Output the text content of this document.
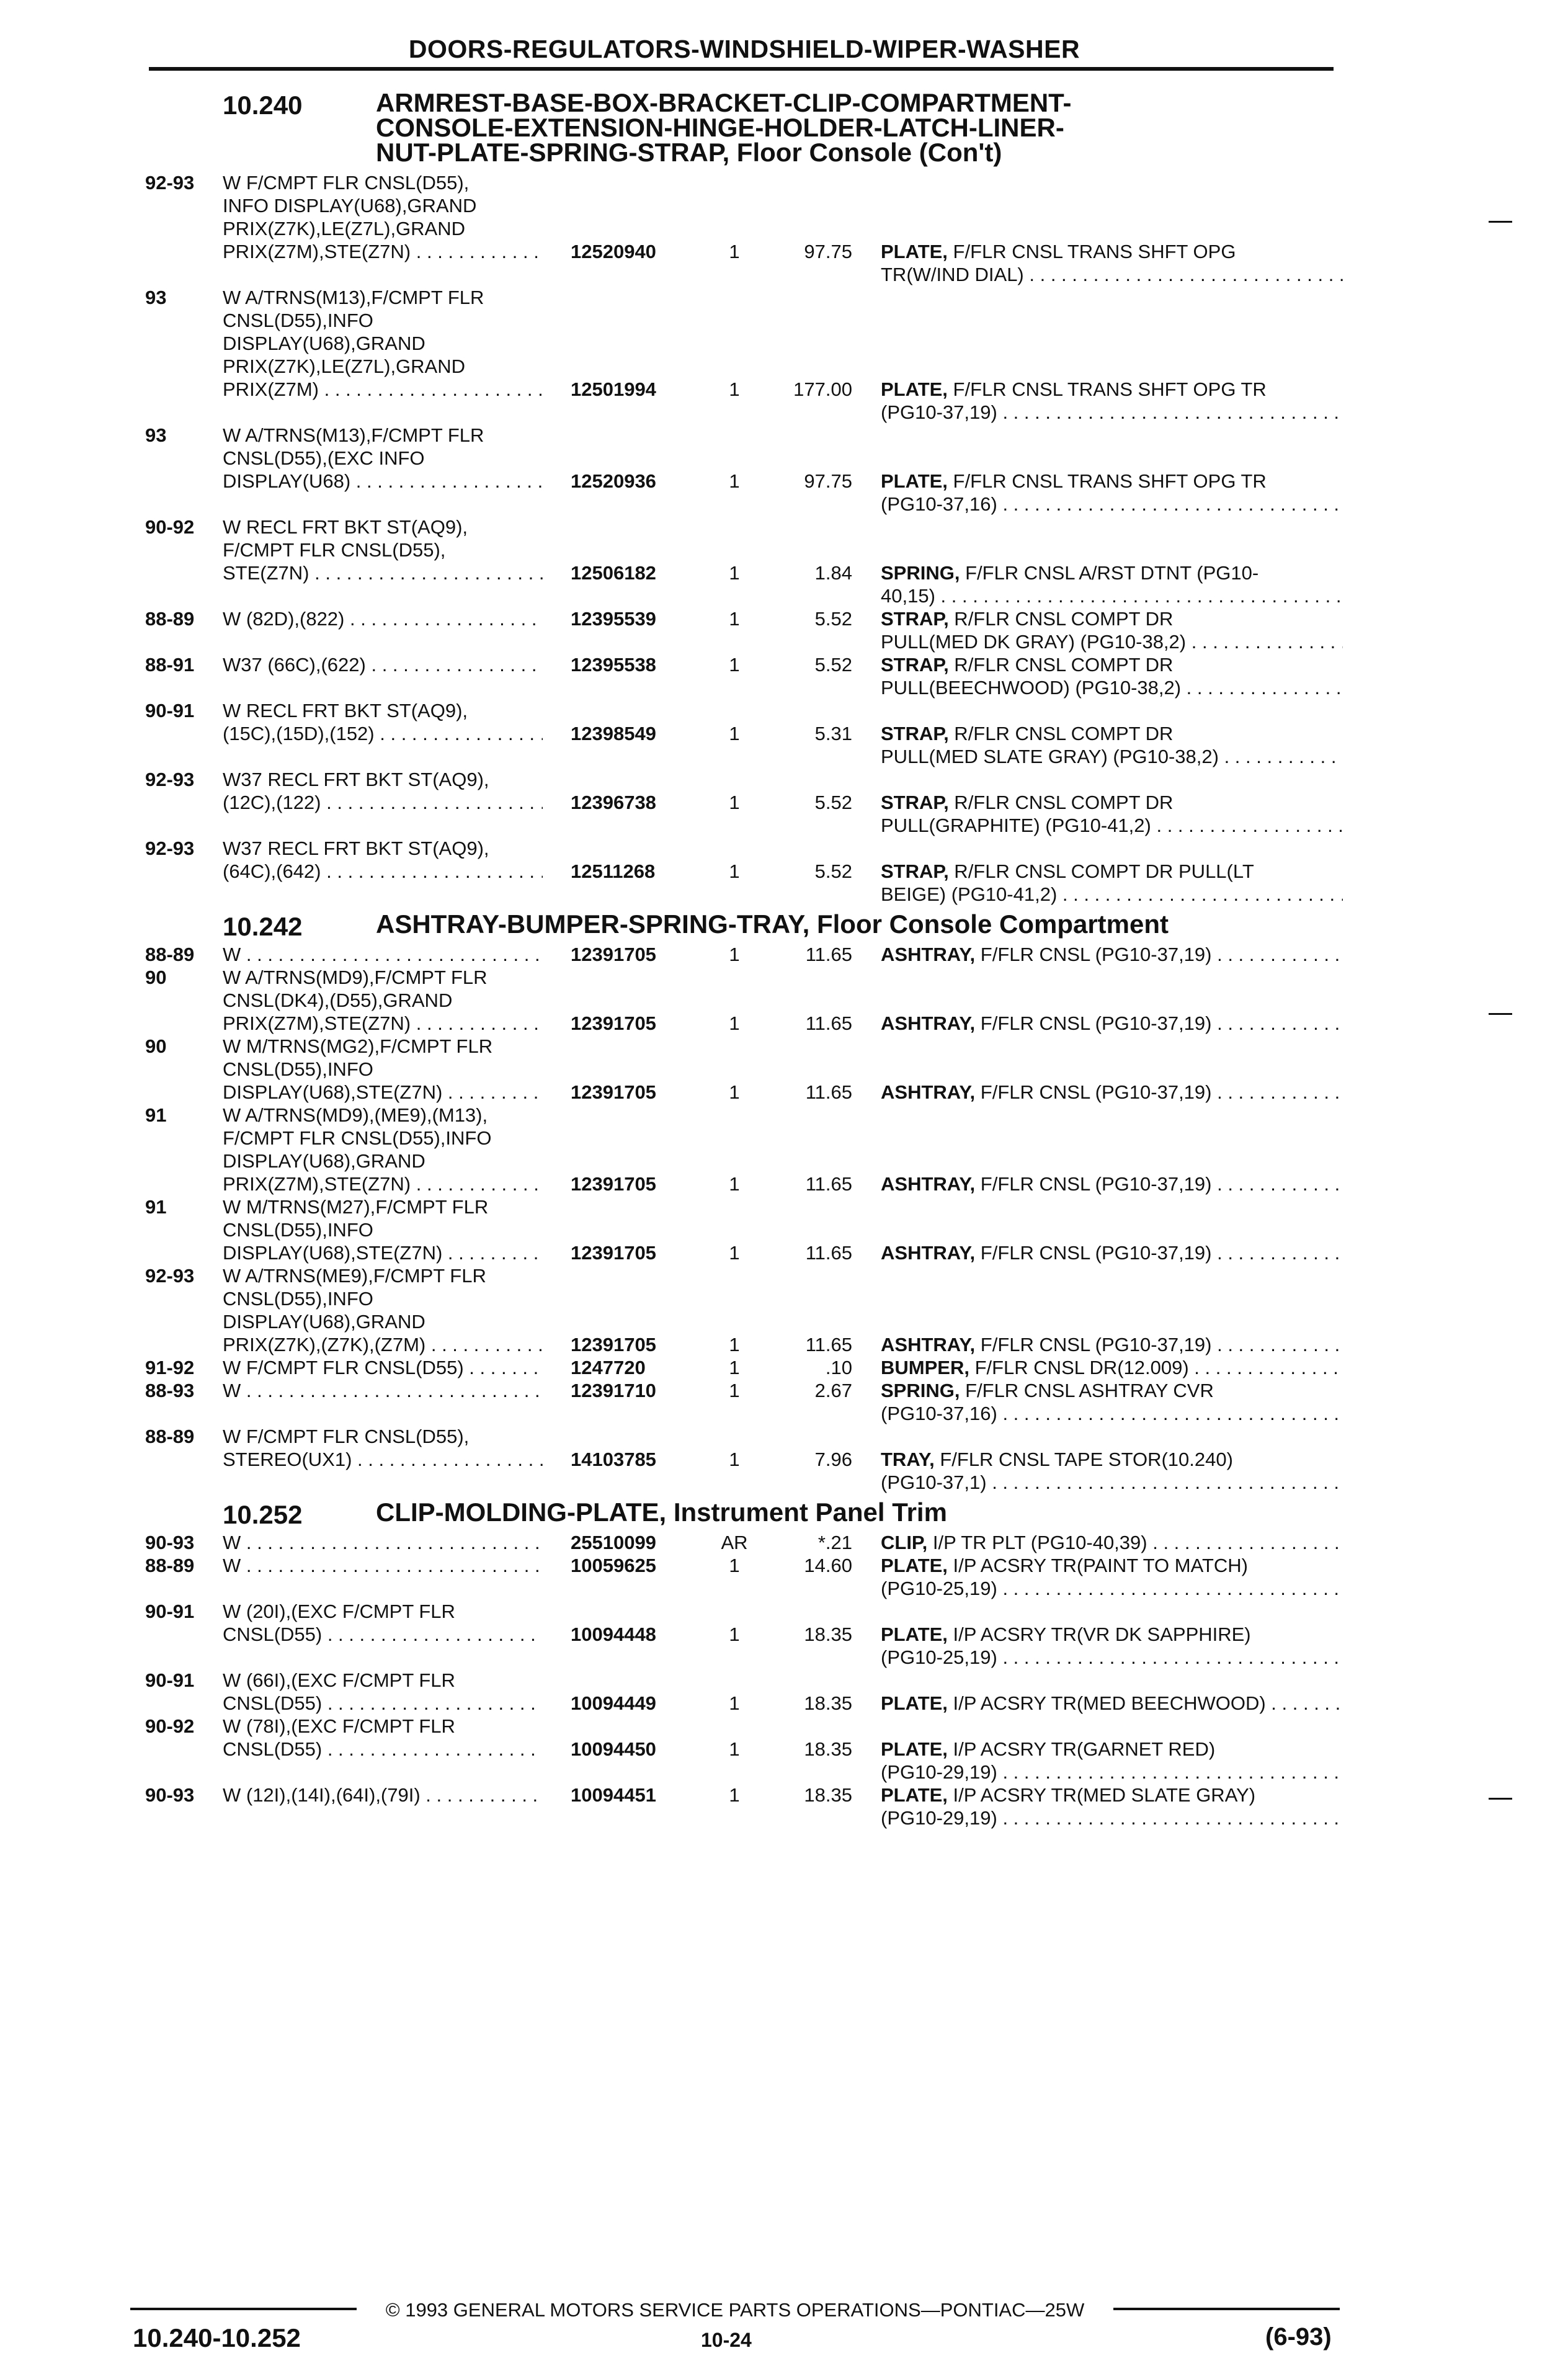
DOORS-REGULATORS-WINDSHIELD-WIPER-WASHER
10.240	ARMREST-BASE-BOX-BRACKET-CLIP-COMPARTMENT-
CONSOLE-EXTENSION-HINGE-HOLDER-LATCH-LINER-
NUT-PLATE-SPRING-STRAP, Floor Console (Con't)
92-93	W F/CMPT FLR CNSL(D55),
INFO DISPLAY(U68),GRAND
PRIX(Z7K),LE(Z7L),GRAND
PRIX(Z7M),STE(Z7N) . . .	12520940	1	97.75 PLATE, F/FLR CNSL TRANS SHFT OPG
TR(W/IND DIAL) . . .
93	W A/TRNS(M13),F/CMPT FLR
CNSL(D55),INFO
DISPLAY(U68),GRAND
PRIX(Z7K),LE(Z7L),GRAND
PRIX(Z7M) . . .	12501994	1	177.00 PLATE, F/FLR CNSL TRANS SHFT OPG TR
(PG10-37,19) . . .
93	W A/TRNS(M13),F/CMPT FLR
CNSL(D55),(EXC INFO
DISPLAY(U68) . . .	12520936	1	97.75 PLATE, F/FLR CNSL TRANS SHFT OPG TR
(PG10-37,16) . . .
90-92	W RECL FRT BKT ST(AQ9),
F/CMPT FLR CNSL(D55),
STE(Z7N) . . .	12506182	1	1.84 SPRING, F/FLR CNSL A/RST DTNT (PG10-
40,15) . . .
88-89	W (82D),(822) . . .	12395539	1	5.52 STRAP, R/FLR CNSL COMPT DR
PULL(MED DK GRAY) (PG10-38,2) . . .
88-91	W37 (66C),(622) . . .	12395538	1	5.52 STRAP, R/FLR CNSL COMPT DR
PULL(BEECHWOOD) (PG10-38,2) . . .
90-91	W RECL FRT BKT ST(AQ9),
(15C),(15D),(152) . . .	12398549	1	5.31 STRAP, R/FLR CNSL COMPT DR
PULL(MED SLATE GRAY) (PG10-38,2) . . .
92-93	W37 RECL FRT BKT ST(AQ9),
(12C),(122) . . .	12396738	1	5.52 STRAP, R/FLR CNSL COMPT DR
PULL(GRAPHITE) (PG10-41,2) . . .
92-93	W37 RECL FRT BKT ST(AQ9),
(64C),(642) . . .	12511268	1	5.52 STRAP, R/FLR CNSL COMPT DR PULL(LT
BEIGE) (PG10-41,2) . . .
10.242	ASHTRAY-BUMPER-SPRING-TRAY, Floor Console Compartment
88-89	W . . .	12391705	1	11.65 ASHTRAY, F/FLR CNSL (PG10-37,19) . . .
90	W A/TRNS(MD9),F/CMPT FLR
CNSL(DK4),(D55),GRAND
PRIX(Z7M),STE(Z7N) . . .	12391705	1	11.65 ASHTRAY, F/FLR CNSL (PG10-37,19) . . .
90	W M/TRNS(MG2),F/CMPT FLR
CNSL(D55),INFO
DISPLAY(U68),STE(Z7N) . . .	12391705	1	11.65 ASHTRAY, F/FLR CNSL (PG10-37,19) . . .
91	W A/TRNS(MD9),(ME9),(M13),
F/CMPT FLR CNSL(D55),INFO
DISPLAY(U68),GRAND
PRIX(Z7M),STE(Z7N) . . .	12391705	1	11.65 ASHTRAY, F/FLR CNSL (PG10-37,19) . . .
91	W M/TRNS(M27),F/CMPT FLR
CNSL(D55),INFO
DISPLAY(U68),STE(Z7N) . . .	12391705	1	11.65 ASHTRAY, F/FLR CNSL (PG10-37,19) . . .
92-93	W A/TRNS(ME9),F/CMPT FLR
CNSL(D55),INFO
DISPLAY(U68),GRAND
PRIX(Z7K),(Z7K),(Z7M) . . .	12391705	1	11.65 ASHTRAY, F/FLR CNSL (PG10-37,19) . . .
91-92	W F/CMPT FLR CNSL(D55) . . .	1247720	1	.10 BUMPER, F/FLR CNSL DR(12.009) . . .
88-93	W . . .	12391710	1	2.67 SPRING, F/FLR CNSL ASHTRAY CVR
(PG10-37,16) . . .
88-89	W F/CMPT FLR CNSL(D55),
STEREO(UX1) . . .	14103785	1	7.96 TRAY, F/FLR CNSL TAPE STOR(10.240)
(PG10-37,1) . . .
10.252	CLIP-MOLDING-PLATE, Instrument Panel Trim
90-93	W . . .	25510099	AR	*.21 CLIP, I/P TR PLT (PG10-40,39) . . .
88-89	W . . .	10059625	1	14.60 PLATE, I/P ACSRY TR(PAINT TO MATCH)
(PG10-25,19) . . .
90-91	W (20I),(EXC F/CMPT FLR
CNSL(D55) . . .	10094448	1	18.35 PLATE, I/P ACSRY TR(VR DK SAPPHIRE)
(PG10-25,19) . . .
90-91	W (66I),(EXC F/CMPT FLR
CNSL(D55) . . .	10094449	1	18.35 PLATE, I/P ACSRY TR(MED BEECHWOOD) . . .
90-92	W (78I),(EXC F/CMPT FLR
CNSL(D55) . . .	10094450	1	18.35 PLATE, I/P ACSRY TR(GARNET RED)
(PG10-29,19) . . .
90-93	W (12I),(14I),(64I),(79I) . . .	10094451	1	18.35 PLATE, I/P ACSRY TR(MED SLATE GRAY)
(PG10-29,19) . . .
© 1993 GENERAL MOTORS SERVICE PARTS OPERATIONS—PONTIAC—25W
10.240-10.252	10-24	(6-93)
